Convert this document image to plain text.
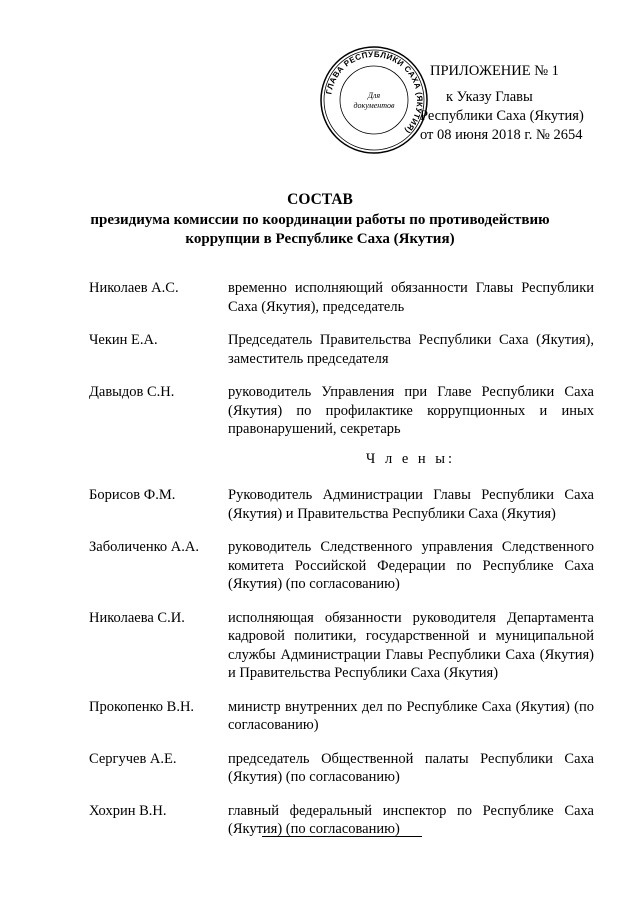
ГЛАВА РЕСПУБЛИКИ САХА (ЯКУТИЯ)
Для
документов
ПРИЛОЖЕНИЕ № 1
к Указу Главы
Республики Саха (Якутия)
от 08 июня 2018 г. № 2654
СОСТАВ
президиума комиссии по координации работы по противодействию
коррупции в Республике Саха (Якутия)
Николаев А.С.	временно исполняющий обязанности Главы Республики Саха (Якутия), председатель
Чекин Е.А.	Председатель Правительства Республики Саха (Якутия), заместитель председателя
Давыдов С.Н.	руководитель Управления при Главе Республики Саха (Якутия) по профилактике коррупционных и иных правонарушений, секретарь
Ч л е н ы:
Борисов Ф.М.	Руководитель Администрации Главы Республики Саха (Якутия) и Правительства Республики Саха (Якутия)
Заболиченко А.А.	руководитель Следственного управления Следственного комитета Российской Федерации по Республике Саха (Якутия) (по согласованию)
Николаева С.И.	исполняющая обязанности руководителя Департамента кадровой политики, государственной и муниципальной службы Администрации Главы Республики Саха (Якутия) и Правительства Республики Саха (Якутия)
Прокопенко В.Н.	министр внутренних дел по Республике Саха (Якутия) (по согласованию)
Сергучев А.Е.	председатель Общественной палаты Республики Саха (Якутия) (по согласованию)
Хохрин В.Н.	главный федеральный инспектор по Республике Саха (Якутия) (по согласованию)
